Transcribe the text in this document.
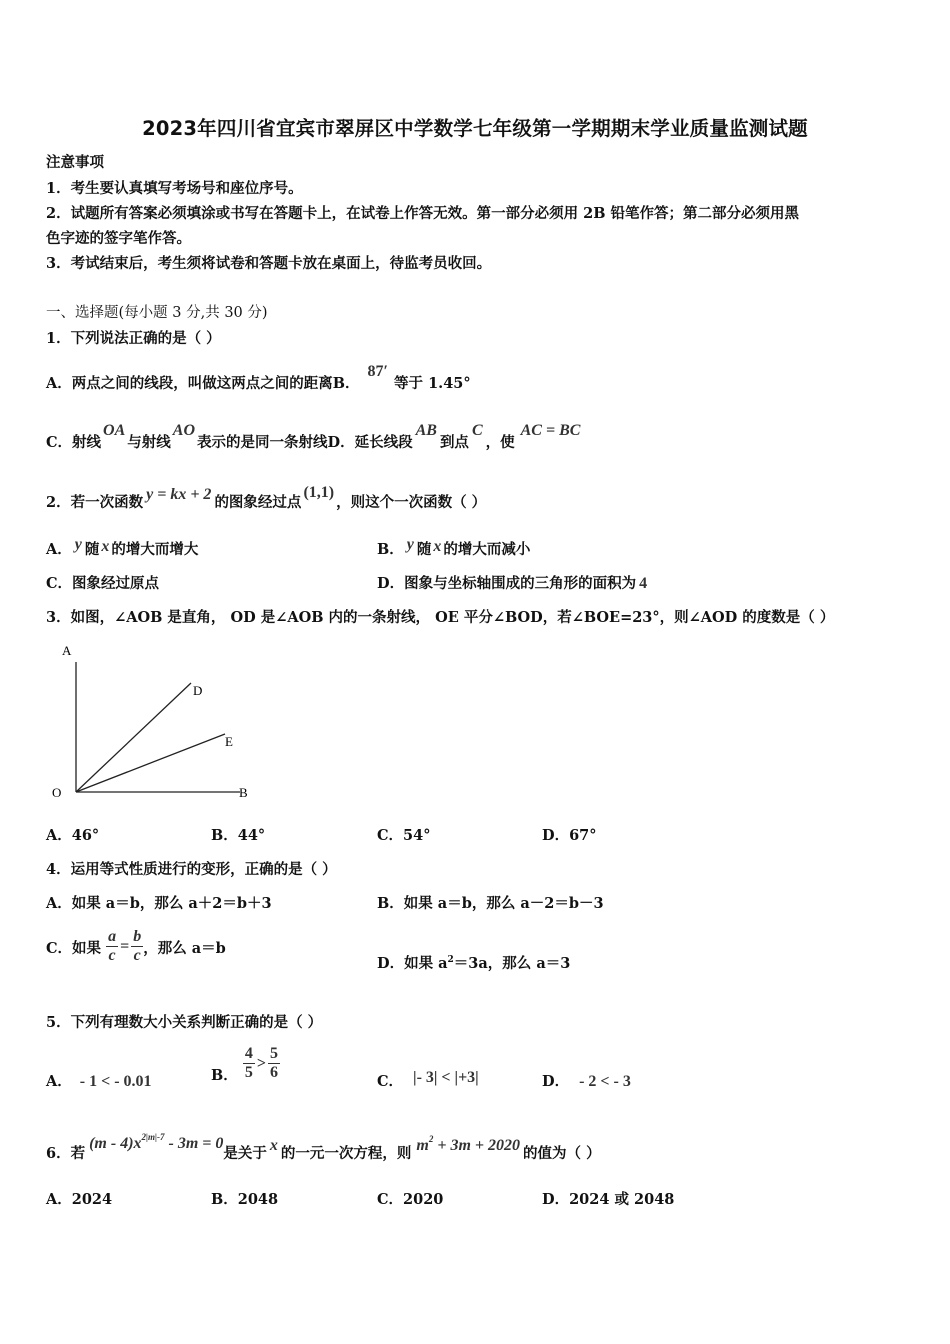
2023年四川省宜宾市翠屏区中学数学七年级第一学期期末学业质量监测试题
注意事项
1．考生要认真填写考场号和座位序号。
2．试题所有答案必须填涂或书写在答题卡上，在试卷上作答无效。第一部分必须用 2B 铅笔作答；第二部分必须用黑
色字迹的签字笔作答。
3．考试结束后，考生须将试卷和答题卡放在桌面上，待监考员收回。
一、选择题(每小题 3 分,共 30 分)
1．下列说法正确的是（ ）
A．两点之间的线段，叫做这两点之间的距离B．87′等于 1.45°
C．射线OA与射线AO表示的是同一条射线D．延长线段AB到点C，使AC = BC
2．若一次函数 y = kx + 2 的图象经过点(1,1)，则这个一次函数（ ）
A． y 随 x 的增大而增大	B． y 随 x 的增大而减小
C．图象经过原点	D．图象与坐标轴围成的三角形的面积为 4
3．如图，∠AOB 是直角， OD 是∠AOB 内的一条射线， OE 平分∠BOD，若∠BOE=23°，则∠AOD 的度数是（ ）
A
D
E
O	B
A．46°	B．44°	C．54°	D．67°
4．运用等式性质进行的变形，正确的是（ ）
A．如果 a＝b，那么 a＋2＝b＋3	B．如果 a＝b，那么 a－2＝b－3
C．如果 $\frac{a}{c} = \frac{b}{c}$ ，那么 a＝b
D．如果 $a^2=3a$，那么 a＝3
5．下列有理数大小关系判断正确的是（ ）
A． - 1 < - 0.01	B． $\frac{4}{5} > \frac{5}{6}$	C． |- 3| < |+3|	D． - 2 < - 3
6．若$(m - 4)x^{2|m|-7} - 3m = 0$是关于 x 的一元一次方程，则 $m^2 + 3m + 2020$ 的值为（ ）
A．2024	B．2048	C．2020	D．2024 或 2048
